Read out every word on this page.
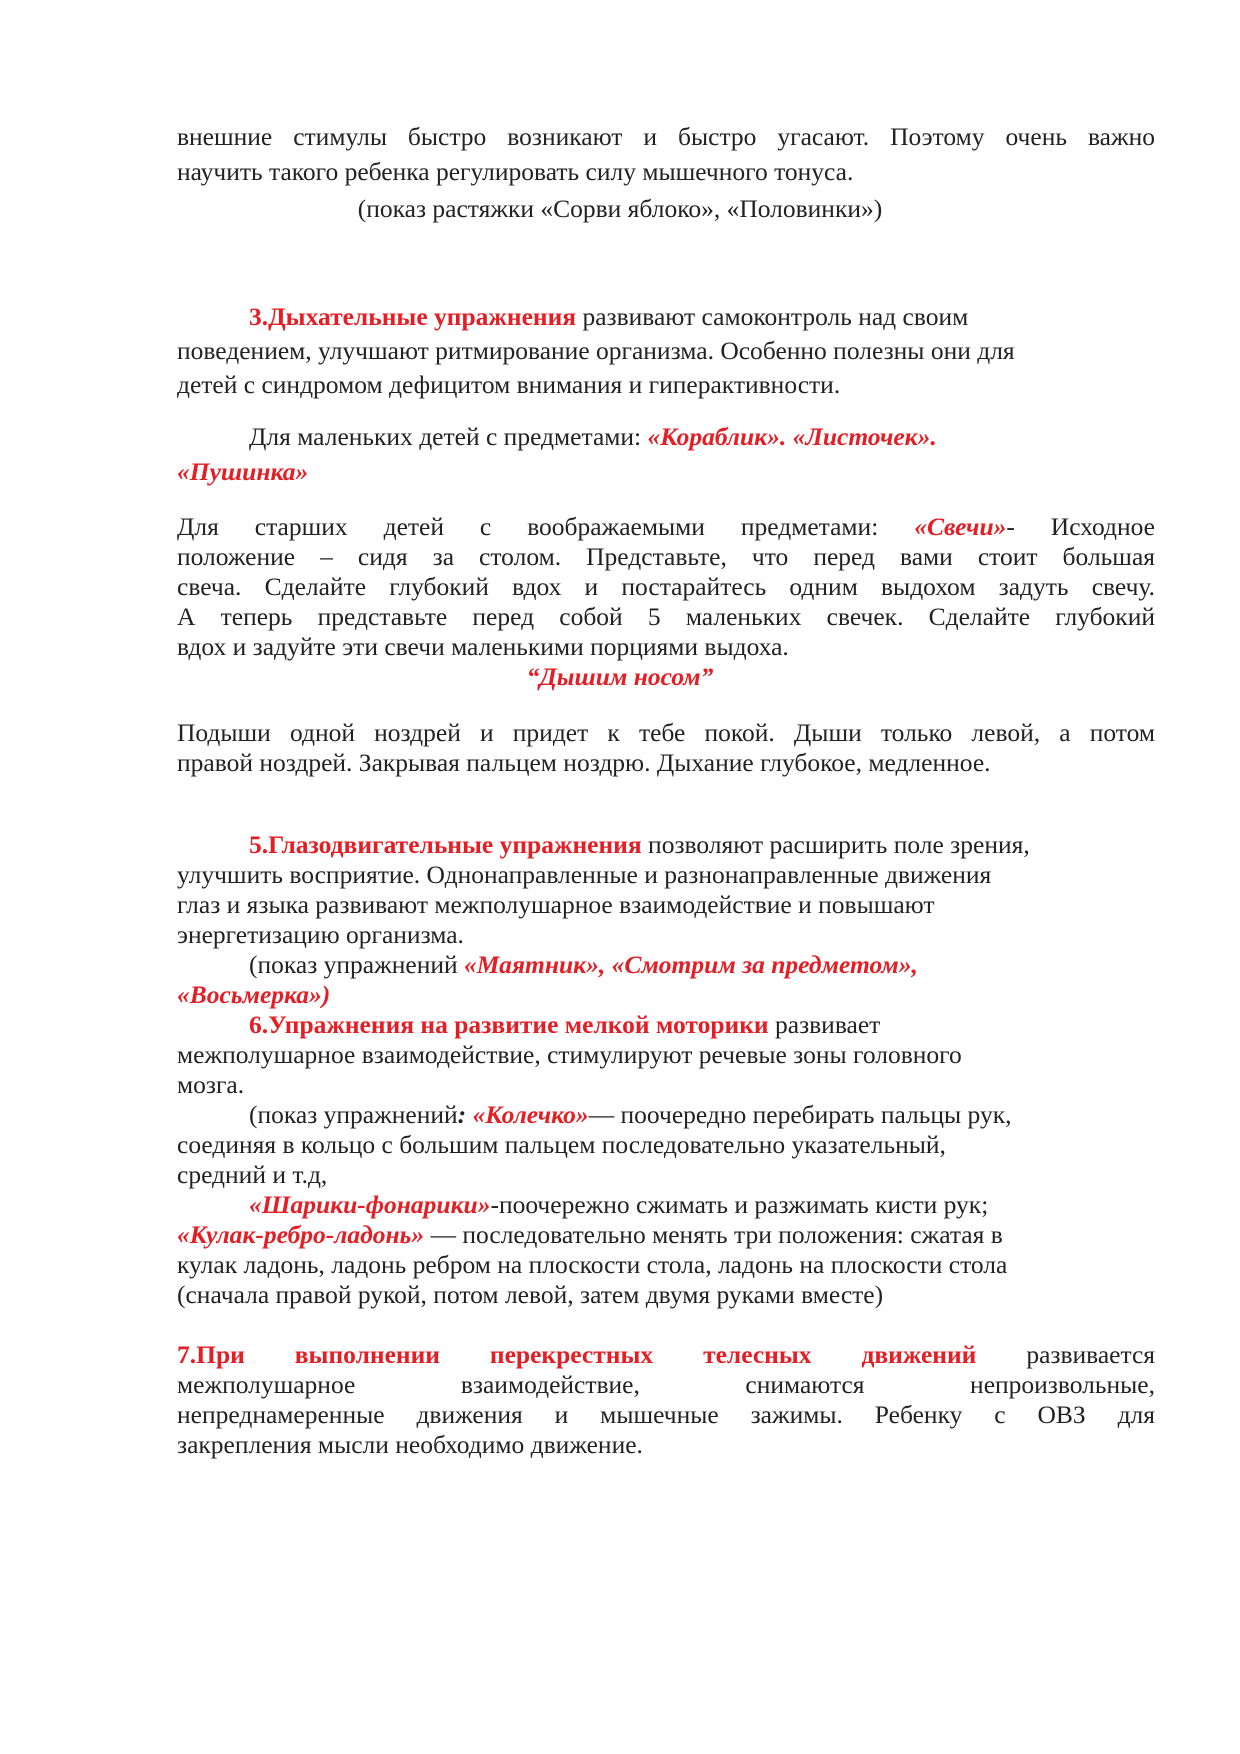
внешние стимулы быстро возникают и быстро угасают. Поэтому очень важно
научить такого ребенка регулировать силу мышечного тонуса.
(показ растяжки «Сорви яблоко», «Половинки»)
3.Дыхательные упражнения развивают самоконтроль над своим
поведением, улучшают ритмирование организма. Особенно полезны они для
детей с синдромом дефицитом внимания и гиперактивности.
Для маленьких детей с предметами: «Кораблик». «Листочек».
«Пушинка»
Для старших детей с воображаемыми предметами: «Свечи»- Исходное
положение – сидя за столом. Представьте, что перед вами стоит большая
свеча. Сделайте глубокий вдох и постарайтесь одним выдохом задуть свечу.
А теперь представьте перед собой 5 маленьких свечек. Сделайте глубокий
вдох и задуйте эти свечи маленькими порциями выдоха.
“Дышим носом”
Подыши одной ноздрей и придет к тебе покой. Дыши только левой, а потом
правой ноздрей. Закрывая пальцем ноздрю. Дыхание глубокое, медленное.
5.Глазодвигательные упражнения позволяют расширить поле зрения,
улучшить восприятие. Однонаправленные и разнонаправленные движения
глаз и языка развивают межполушарное взаимодействие и повышают
энергетизацию организма.
(показ упражнений «Маятник», «Смотрим за предметом»,
«Восьмерка»)
6.Упражнения на развитие мелкой моторики развивает
межполушарное взаимодействие, стимулируют речевые зоны головного
мозга.
(показ упражнений: «Колечко»— поочередно перебирать пальцы рук,
соединяя в кольцо с большим пальцем последовательно указательный,
средний и т.д,
«Шарики-фонарики»-поочережно сжимать и разжимать кисти рук;
«Кулак-ребро-ладонь» — последовательно менять три положения: сжатая в
кулак ладонь, ладонь ребром на плоскости стола, ладонь на плоскости стола
(сначала правой рукой, потом левой, затем двумя руками вместе)
7.При выполнении перекрестных телесных движений развивается
межполушарное взаимодействие, снимаются непроизвольные,
непреднамеренные движения и мышечные зажимы. Ребенку с ОВЗ для
закрепления мысли необходимо движение.
